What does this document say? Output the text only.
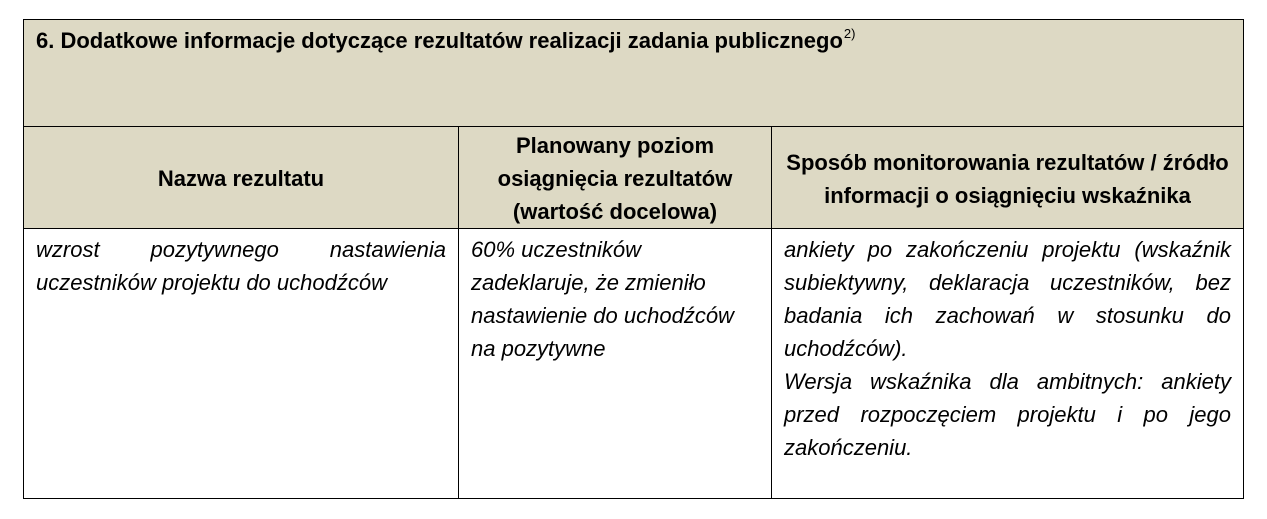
6. Dodatkowe informacje dotyczące rezultatów realizacji zadania publicznego$^{2)}$
Nazwa rezultatu	Planowany poziom osiągnięcia rezultatów (wartość docelowa)	Sposób monitorowania rezultatów / źródło informacji o osiągnięciu wskaźnika

wzrost pozytywnego nastawienia uczestników projektu do uchodźców	60% uczestników zadeklaruje, że zmieniło nastawienie do uchodźców na pozytywne	ankiety po zakończeniu projektu (wskaźnik subiektywny, deklaracja uczestników, bez badania ich zachowań w stosunku do uchodźców).

Wersja wskaźnika dla ambitnych: ankiety przed rozpoczęciem projektu i po jego zakończeniu.
